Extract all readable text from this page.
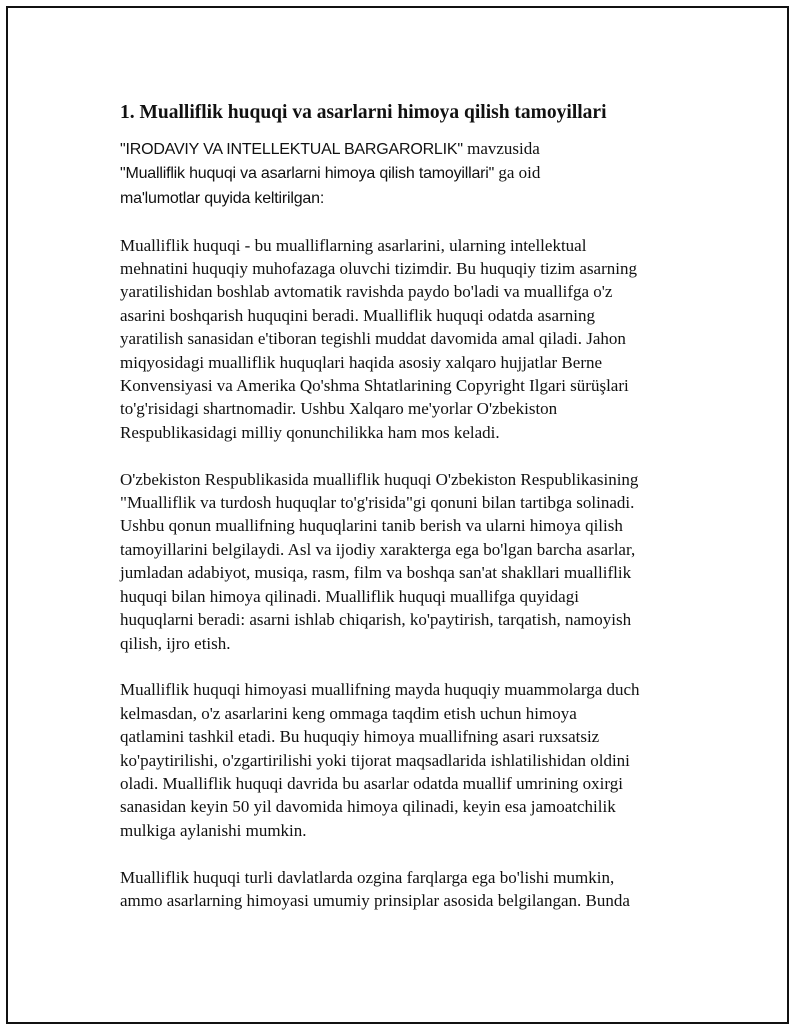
1. Mualliflik huquqi va asarlarni himoya qilish tamoyillari

"IRODAVIY VA INTELLEKTUAL BARGARORLIK" mavzusida
"Mualliflik huquqi va asarlarni himoya qilish tamoyillari" ga oid
ma'lumotlar quyida keltirilgan:

Mualliflik huquqi - bu mualliflarning asarlarini, ularning intellektual
mehnatini huquqiy muhofazaga oluvchi tizimdir. Bu huquqiy tizim asarning
yaratilishidan boshlab avtomatik ravishda paydo bo'ladi va muallifga o'z
asarini boshqarish huquqini beradi. Mualliflik huquqi odatda asarning
yaratilish sanasidan e'tiboran tegishli muddat davomida amal qiladi. Jahon
miqyosidagi mualliflik huquqlari haqida asosiy xalqaro hujjatlar Berne
Konvensiyasi va Amerika Qo'shma Shtatlarining Copyright Ilgari sürüşlari
to'g'risidagi shartnomadir. Ushbu Xalqaro me'yorlar O'zbekiston
Respublikasidagi milliy qonunchilikka ham mos keladi.

O'zbekiston Respublikasida mualliflik huquqi O'zbekiston Respublikasining
"Mualliflik va turdosh huquqlar to'g'risida"gi qonuni bilan tartibga solinadi.
Ushbu qonun muallifning huquqlarini tanib berish va ularni himoya qilish
tamoyillarini belgilaydi. Asl va ijodiy xarakterga ega bo'lgan barcha asarlar,
jumladan adabiyot, musiqa, rasm, film va boshqa san'at shakllari mualliflik
huquqi bilan himoya qilinadi. Mualliflik huquqi muallifga quyidagi
huquqlarni beradi: asarni ishlab chiqarish, ko'paytirish, tarqatish, namoyish
qilish, ijro etish.

Mualliflik huquqi himoyasi muallifning mayda huquqiy muammolarga duch
kelmasdan, o'z asarlarini keng ommaga taqdim etish uchun himoya
qatlamini tashkil etadi. Bu huquqiy himoya muallifning asari ruxsatsiz
ko'paytirilishi, o'zgartirilishi yoki tijorat maqsadlarida ishlatilishidan oldini
oladi. Mualliflik huquqi davrida bu asarlar odatda muallif umrining oxirgi
sanasidan keyin 50 yil davomida himoya qilinadi, keyin esa jamoatchilik
mulkiga aylanishi mumkin.

Mualliflik huquqi turli davlatlarda ozgina farqlarga ega bo'lishi mumkin,
ammo asarlarning himoyasi umumiy prinsiplar asosida belgilangan. Bunda
